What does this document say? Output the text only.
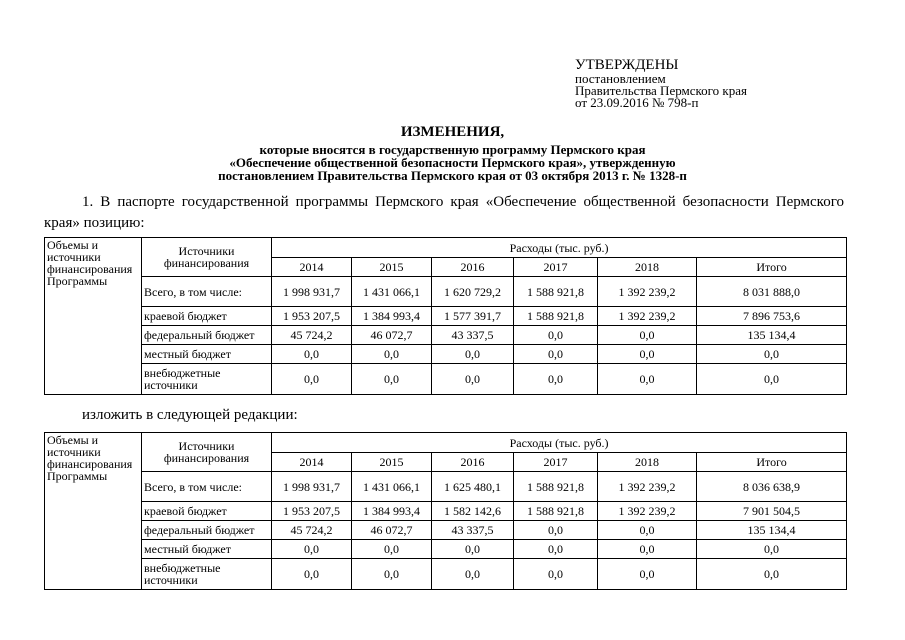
УТВЕРЖДЕНЫ
постановлением
Правительства Пермского края
от 23.09.2016 № 798-п
ИЗМЕНЕНИЯ,
которые вносятся в государственную программу Пермского края
«Обеспечение общественной безопасности Пермского края», утвержденную
постановлением Правительства Пермского края от 03 октября 2013 г. № 1328-п
1. В паспорте государственной программы Пермского края «Обеспечение общественной безопасности Пермского края» позицию:
Объемы и источники финансирования Программы	Источники финансирования	Расходы (тыс. руб.)					
		2014	2015	2016	2017	2018	Итого
	Всего, в том числе:	1 998 931,7	1 431 066,1	1 620 729,2	1 588 921,8	1 392 239,2	8 031 888,0
	краевой бюджет	1 953 207,5	1 384 993,4	1 577 391,7	1 588 921,8	1 392 239,2	7 896 753,6
	федеральный бюджет	45 724,2	46 072,7	43 337,5	0,0	0,0	135 134,4
	местный бюджет	0,0	0,0	0,0	0,0	0,0	0,0
	внебюджетные источники	0,0	0,0	0,0	0,0	0,0	0,0
изложить в следующей редакции:
Объемы и источники финансирования Программы	Источники финансирования	Расходы (тыс. руб.)					
		2014	2015	2016	2017	2018	Итого
	Всего, в том числе:	1 998 931,7	1 431 066,1	1 625 480,1	1 588 921,8	1 392 239,2	8 036 638,9
	краевой бюджет	1 953 207,5	1 384 993,4	1 582 142,6	1 588 921,8	1 392 239,2	7 901 504,5
	федеральный бюджет	45 724,2	46 072,7	43 337,5	0,0	0,0	135 134,4
	местный бюджет	0,0	0,0	0,0	0,0	0,0	0,0
	внебюджетные источники	0,0	0,0	0,0	0,0	0,0	0,0
